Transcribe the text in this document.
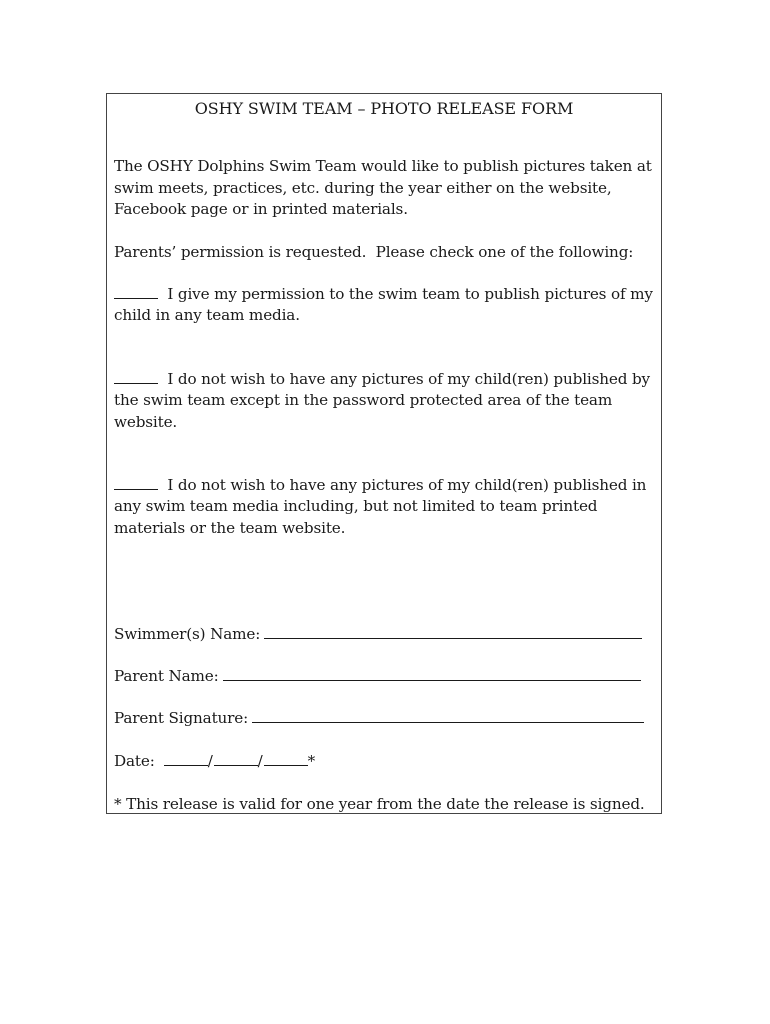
OSHY SWIM TEAM – PHOTO RELEASE FORM
The OSHY Dolphins Swim Team would like to publish pictures taken at
swim meets, practices, etc. during the year either on the website,
Facebook page or in printed materials.
Parents’ permission is requested.  Please check one of the following:
I give my permission to the swim team to publish pictures of my
child in any team media.
I do not wish to have any pictures of my child(ren) published by
the swim team except in the password protected area of the team
website.
I do not wish to have any pictures of my child(ren) published in
any swim team media including, but not limited to team printed
materials or the team website.
Swimmer(s) Name:
Parent Name:
Parent Signature:
Date:	/	/	*
* This release is valid for one year from the date the release is signed.
